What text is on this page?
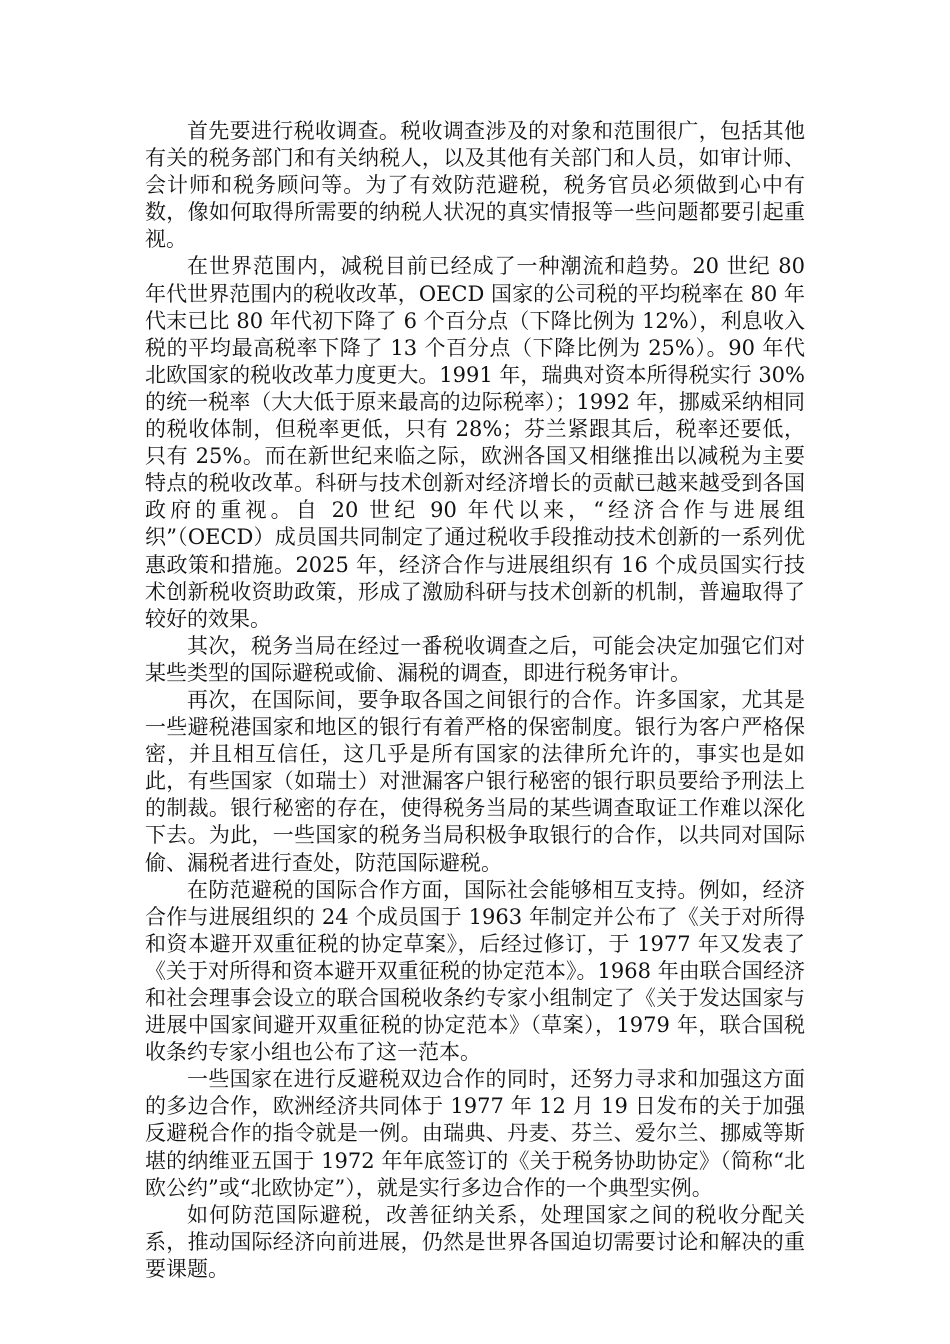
首先要进行税收调查。税收调查涉及的对象和范围很广，包括其他有关的税务部门和有关纳税人，以及其他有关部门和人员，如审计师、会计师和税务顾问等。为了有效防范避税，税务官员必须做到心中有数，像如何取得所需要的纳税人状况的真实情报等一些问题都要引起重视。

在世界范围内，减税目前已经成了一种潮流和趋势。20 世纪 80 年代世界范围内的税收改革，OECD 国家的公司税的平均税率在 80 年代末已比 80 年代初下降了 6 个百分点（下降比例为 12%），利息收入税的平均最高税率下降了 13 个百分点（下降比例为 25%）。90 年代北欧国家的税收改革力度更大。1991 年，瑞典对资本所得税实行 30%的统一税率（大大低于原来最高的边际税率）；1992 年，挪威采纳相同的税收体制，但税率更低，只有 28%；芬兰紧跟其后，税率还要低，只有 25%。而在新世纪来临之际，欧洲各国又相继推出以减税为主要特点的税收改革。科研与技术创新对经济增长的贡献已越来越受到各国政府的重视。自 20 世纪 90 年代以来，“经济合作与进展组织”（OECD）成员国共同制定了通过税收手段推动技术创新的一系列优惠政策和措施。2025 年，经济合作与进展组织有 16 个成员国实行技术创新税收资助政策，形成了激励科研与技术创新的机制，普遍取得了较好的效果。

其次，税务当局在经过一番税收调查之后，可能会决定加强它们对某些类型的国际避税或偷、漏税的调查，即进行税务审计。

再次，在国际间，要争取各国之间银行的合作。许多国家，尤其是一些避税港国家和地区的银行有着严格的保密制度。银行为客户严格保密，并且相互信任，这几乎是所有国家的法律所允许的，事实也是如此，有些国家（如瑞士）对泄漏客户银行秘密的银行职员要给予刑法上的制裁。银行秘密的存在，使得税务当局的某些调查取证工作难以深化下去。为此，一些国家的税务当局积极争取银行的合作，以共同对国际偷、漏税者进行查处，防范国际避税。

在防范避税的国际合作方面，国际社会能够相互支持。例如，经济合作与进展组织的 24 个成员国于 1963 年制定并公布了《关于对所得和资本避开双重征税的协定草案》，后经过修订，于 1977 年又发表了《关于对所得和资本避开双重征税的协定范本》。1968 年由联合国经济和社会理事会设立的联合国税收条约专家小组制定了《关于发达国家与进展中国家间避开双重征税的协定范本》（草案），1979 年，联合国税收条约专家小组也公布了这一范本。

一些国家在进行反避税双边合作的同时，还努力寻求和加强这方面的多边合作，欧洲经济共同体于 1977 年 12 月 19 日发布的关于加强反避税合作的指令就是一例。由瑞典、丹麦、芬兰、爱尔兰、挪威等斯堪的纳维亚五国于 1972 年年底签订的《关于税务协助协定》（简称“北欧公约”或“北欧协定”），就是实行多边合作的一个典型实例。

如何防范国际避税，改善征纳关系，处理国家之间的税收分配关系，推动国际经济向前进展，仍然是世界各国迫切需要讨论和解决的重要课题。
